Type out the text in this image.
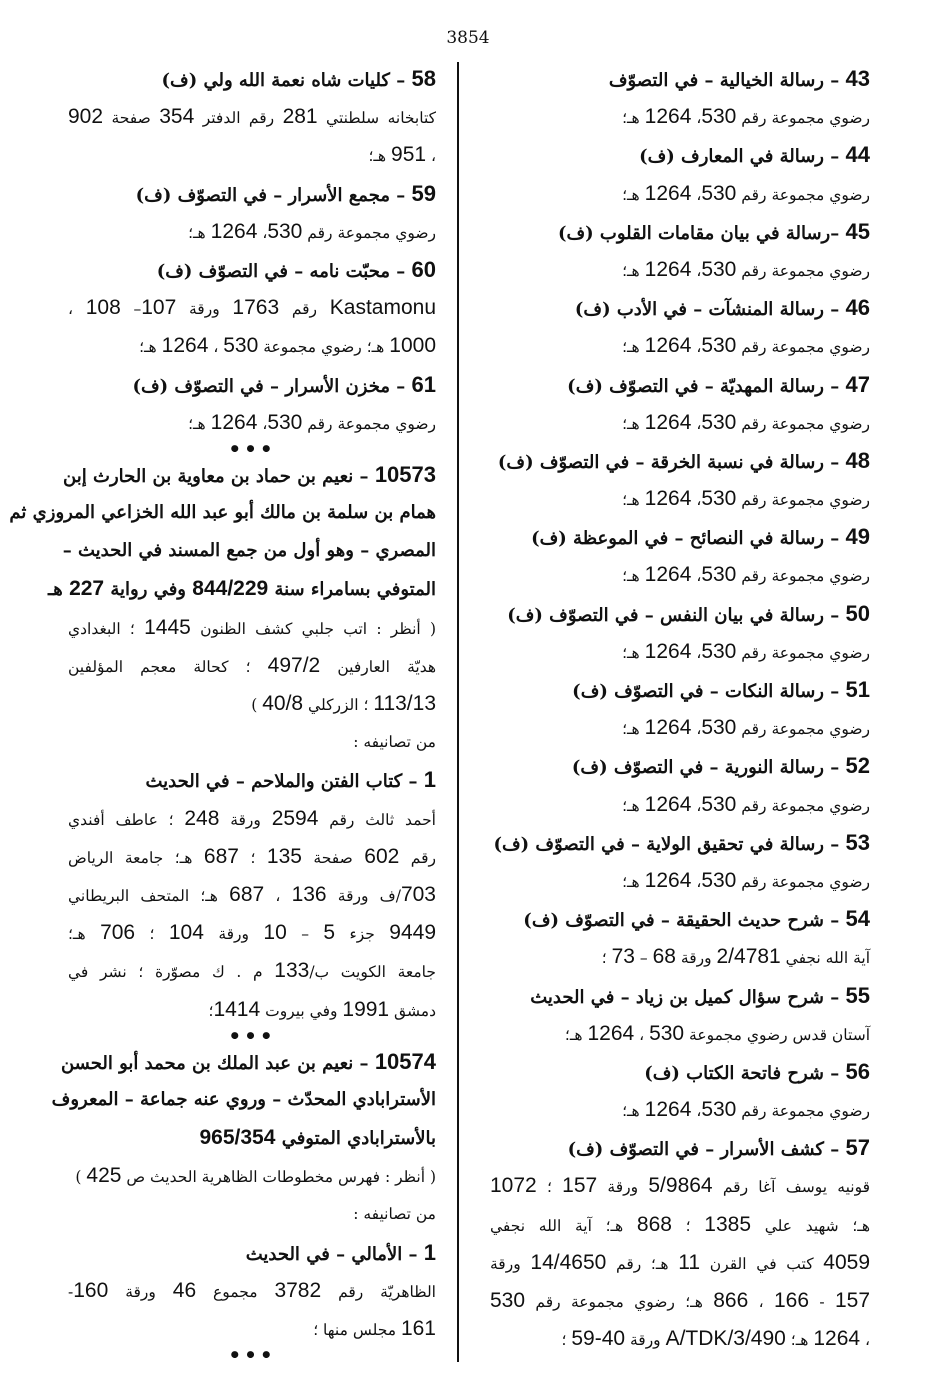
3854
43 – رسالة الخيالية – في التصوّف
رضوي مجموعة رقم 530، 1264 هـ؛
44 – رسالة في المعارف (ف)
رضوي مجموعة رقم 530، 1264 هـ؛
45 –رسالة في بيان مقامات القلوب (ف)
رضوي مجموعة رقم 530، 1264 هـ؛
46 – رسالة المنشآت – في الأدب (ف)
رضوي مجموعة رقم 530، 1264 هـ؛
47 – رسالة المهديّة – في التصوّف (ف)
رضوي مجموعة رقم 530، 1264 هـ؛
48 – رسالة في نسبة الخرقة – في التصوّف (ف)
رضوي مجموعة رقم 530، 1264 هـ؛
49 – رسالة في النصائح – في الموعظة (ف)
رضوي مجموعة رقم 530، 1264 هـ؛
50 – رسالة في بيان النفس – في التصوّف (ف)
رضوي مجموعة رقم 530، 1264 هـ؛
51 – رسالة النكات – في التصوّف (ف)
رضوي مجموعة رقم 530، 1264 هـ؛
52 – رسالة النورية – في التصوّف (ف)
رضوي مجموعة رقم 530، 1264 هـ؛
53 – رسالة في تحقيق الولاية – في التصوّف (ف)
رضوي مجموعة رقم 530، 1264 هـ؛
54 – شرح حديث الحقيقة – في التصوّف (ف)
آية الله نجفي 2/4781 ورقة 68 – 73 ؛
55 – شرح سؤال كميل بن زياد – في الحديث
آستان قدس رضوي مجموعة 530 ، 1264 هـ؛
56 – شرح فاتحة الكتاب (ف)
رضوي مجموعة رقم 530، 1264 هـ؛
57 – كشف الأسرار – في التصوّف (ف)
قونيه يوسف آغا رقم 5/9864 ورقة 157 ؛ 1072
هـ؛ شهيد علي 1385 ؛ 868 هـ؛ آية الله نجفي
4059 كتب في القرن 11 هـ؛ رقم 14/4650 ورقة
157 - 166 ، 866 هـ؛ رضوي مجموعة رقم 530
، 1264 هـ؛ 3/490/A/TDK ورقة 40-59 ؛
58 – كليات شاه نعمة الله ولي (ف)
كتابخانه سلطنتي 281 رقم الدفتر 354 صفحة 902
، 951 هـ؛
59 – مجمع الأسرار – في التصوّف (ف)
رضوي مجموعة رقم 530، 1264 هـ؛
60 – محبّت نامه – في التصوّف (ف)
Kastamonu رقم 1763 ورقة 107– 108 ،
1000 هـ؛ رضوي مجموعة 530 ، 1264 هـ؛
61 – مخزن الأسرار – في التصوّف (ف)
رضوي مجموعة رقم 530، 1264 هـ؛
•••
10573 – نعيم بن حماد بن معاوية بن الحارث إبن
همام بن سلمة بن مالك أبو عبد الله الخزاعي المروزي ثم
المصري – وهو أول من جمع المسند في الحديث –
المتوفي بسامراء سنة 844/229 وفي رواية 227 هـ
( أنظر : اتب جلبي كشف الظنون 1445 ؛ البغدادي
هديّة العارفين 497/2 ؛ كحالة معجم المؤلفين
113/13 ؛ الزركلي 40/8 )
من تصانيفه :
1 – كتاب الفتن والملاحم – في الحديث
أحمد ثالث رقم 2594 ورقة 248 ؛ عاطف أفندي
رقم 602 صفحة 135 ؛ 687 هـ؛ جامعة الرياض
703/ف ورقة 136 ، 687 هـ؛ المتحف البريطاني
9449 جزء 5 – 10 ورقة 104 ؛ 706 هـ؛
جامعة الكويت ب/133 م . ك مصوّرة ؛ نشر في
دمشق 1991 وفي بيروت 1414؛
•••
10574 – نعيم بن عبد الملك بن محمد أبو الحسن
الأسترابادي المحدّث – وروي عنه جماعة – المعروف
بالأسترابادي المتوفي 965/354
( أنظر : فهرس مخطوطات الظاهرية الحديث ص 425 )
من تصانيفه :
1 – الأمالي – في الحديث
الظاهريّة رقم 3782 مجموع 46 ورقة 160-
161 مجلس منها ؛
•••
